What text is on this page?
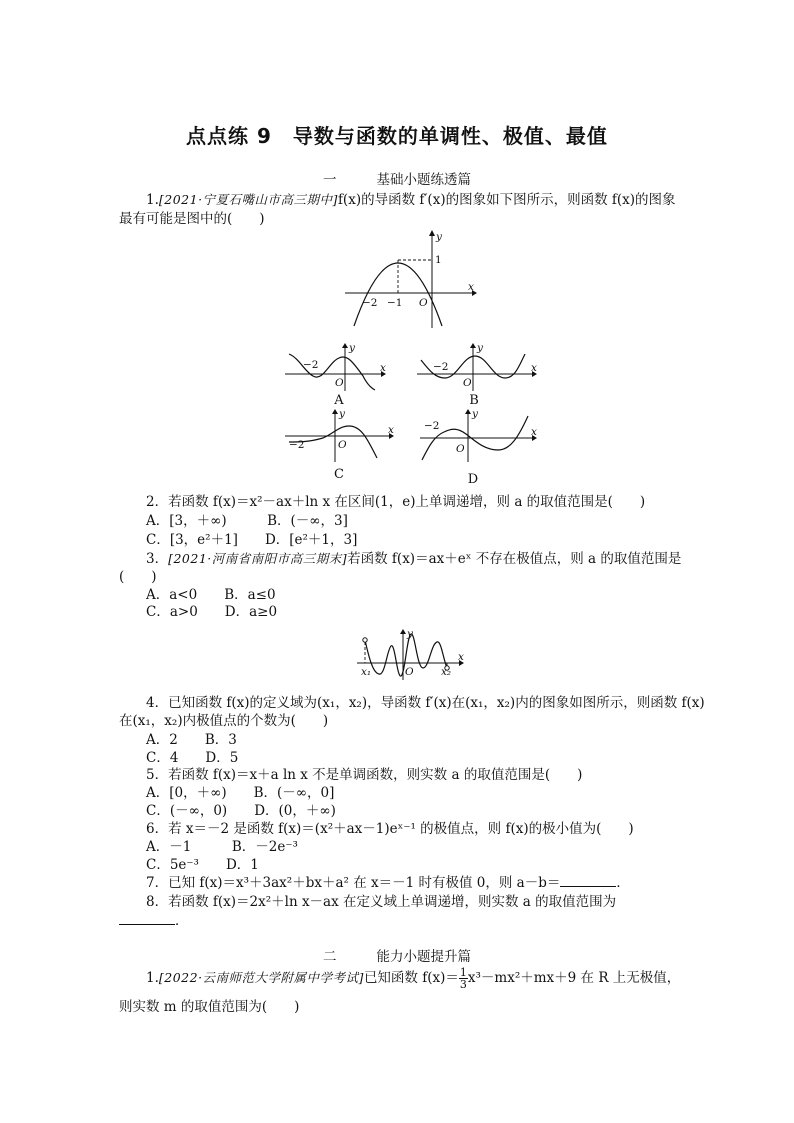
点点练 9　导数与函数的单调性、极值、最值
一	基础小题练透篇
1.[2021·宁夏石嘴山市高三期中]f(x)的导函数 f′(x)的图象如下图所示，则函数 f(x)的图象
最有可能是图中的(　　)
y
x
1
−2 −1 O
y
x
−2
O
A
y
x
−2
O
B
y
x
−2	O
C
y
x
−2
O
D
2．若函数 f(x)＝x²－ax＋ln x 在区间(1，e)上单调递增，则 a 的取值范围是(　　)
A．[3，＋∞)　　　B．(－∞，3]
C．[3，e²＋1]　　D．[e²＋1，3]
3．[2021·河南省南阳市高三期末]若函数 f(x)＝ax＋eˣ 不存在极值点，则 a 的取值范围是
(　　)
A．a<0　　B．a≤0
C．a>0　　D．a≥0
y
x
x₁	x₂
O
4．已知函数 f(x)的定义域为(x₁，x₂)，导函数 f′(x)在(x₁，x₂)内的图象如图所示，则函数 f(x)
在(x₁，x₂)内极值点的个数为(　　)
A．2　　B．3
C．4　　D．5
5．若函数 f(x)＝x＋a ln x 不是单调函数，则实数 a 的取值范围是(　　)
A．[0，＋∞)　　B．(－∞，0]
C．(－∞，0)　　D．(0，＋∞)
6．若 x＝－2 是函数 f(x)＝(x²＋ax－1)eˣ⁻¹ 的极值点，则 f(x)的极小值为(　　)
A．－1　　　B．－2e⁻³
C．5e⁻³　　D．1
7．已知 f(x)＝x³＋3ax²＋bx＋a² 在 x＝－1 时有极值 0，则 a－b＝	．
8．若函数 f(x)＝2x²＋ln x－ax 在定义域上单调递增，则实数 a 的取值范围为
．
二	能力小题提升篇
1.[2022·云南师范大学附属中学考试]已知函数 $f(x)= \frac{1}{3} x^3-mx^2+mx+9$ 在 R 上无极值，
则实数 m 的取值范围为(　　)
